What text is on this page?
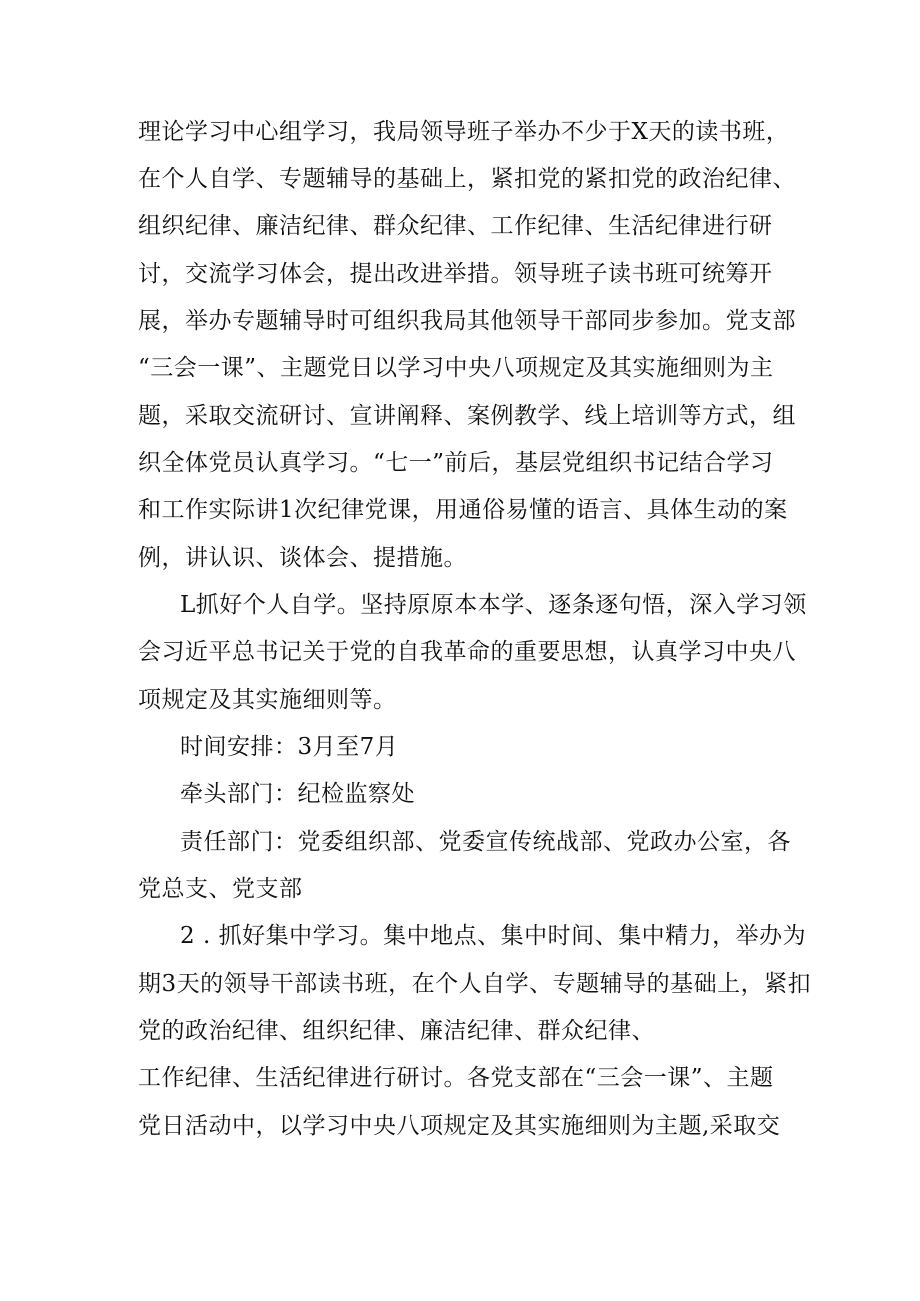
理论学习中心组学习，我局领导班子举办不少于X天的读书班，
在个人自学、专题辅导的基础上，紧扣党的紧扣党的政治纪律、
组织纪律、廉洁纪律、群众纪律、工作纪律、生活纪律进行研
讨，交流学习体会，提出改进举措。领导班子读书班可统筹开
展，举办专题辅导时可组织我局其他领导干部同步参加。党支部
“三会一课”、主题党日以学习中央八项规定及其实施细则为主
题，采取交流研讨、宣讲阐释、案例教学、线上培训等方式，组
织全体党员认真学习。“七一”前后，基层党组织书记结合学习
和工作实际讲1次纪律党课，用通俗易懂的语言、具体生动的案
例，讲认识、谈体会、提措施。
L抓好个人自学。坚持原原本本学、逐条逐句悟，深入学习领
会习近平总书记关于党的自我革命的重要思想，认真学习中央八
项规定及其实施细则等。
时间安排：3月至7月
牵头部门：纪检监察处
责任部门：党委组织部、党委宣传统战部、党政办公室，各
党总支、党支部
2 . 抓好集中学习。集中地点、集中时间、集中精力，举办为
期3天的领导干部读书班，在个人自学、专题辅导的基础上，紧扣
党的政治纪律、组织纪律、廉洁纪律、群众纪律、
工作纪律、生活纪律进行研讨。各党支部在“三会一课”、主题
党日活动中，以学习中央八项规定及其实施细则为主题,采取交
